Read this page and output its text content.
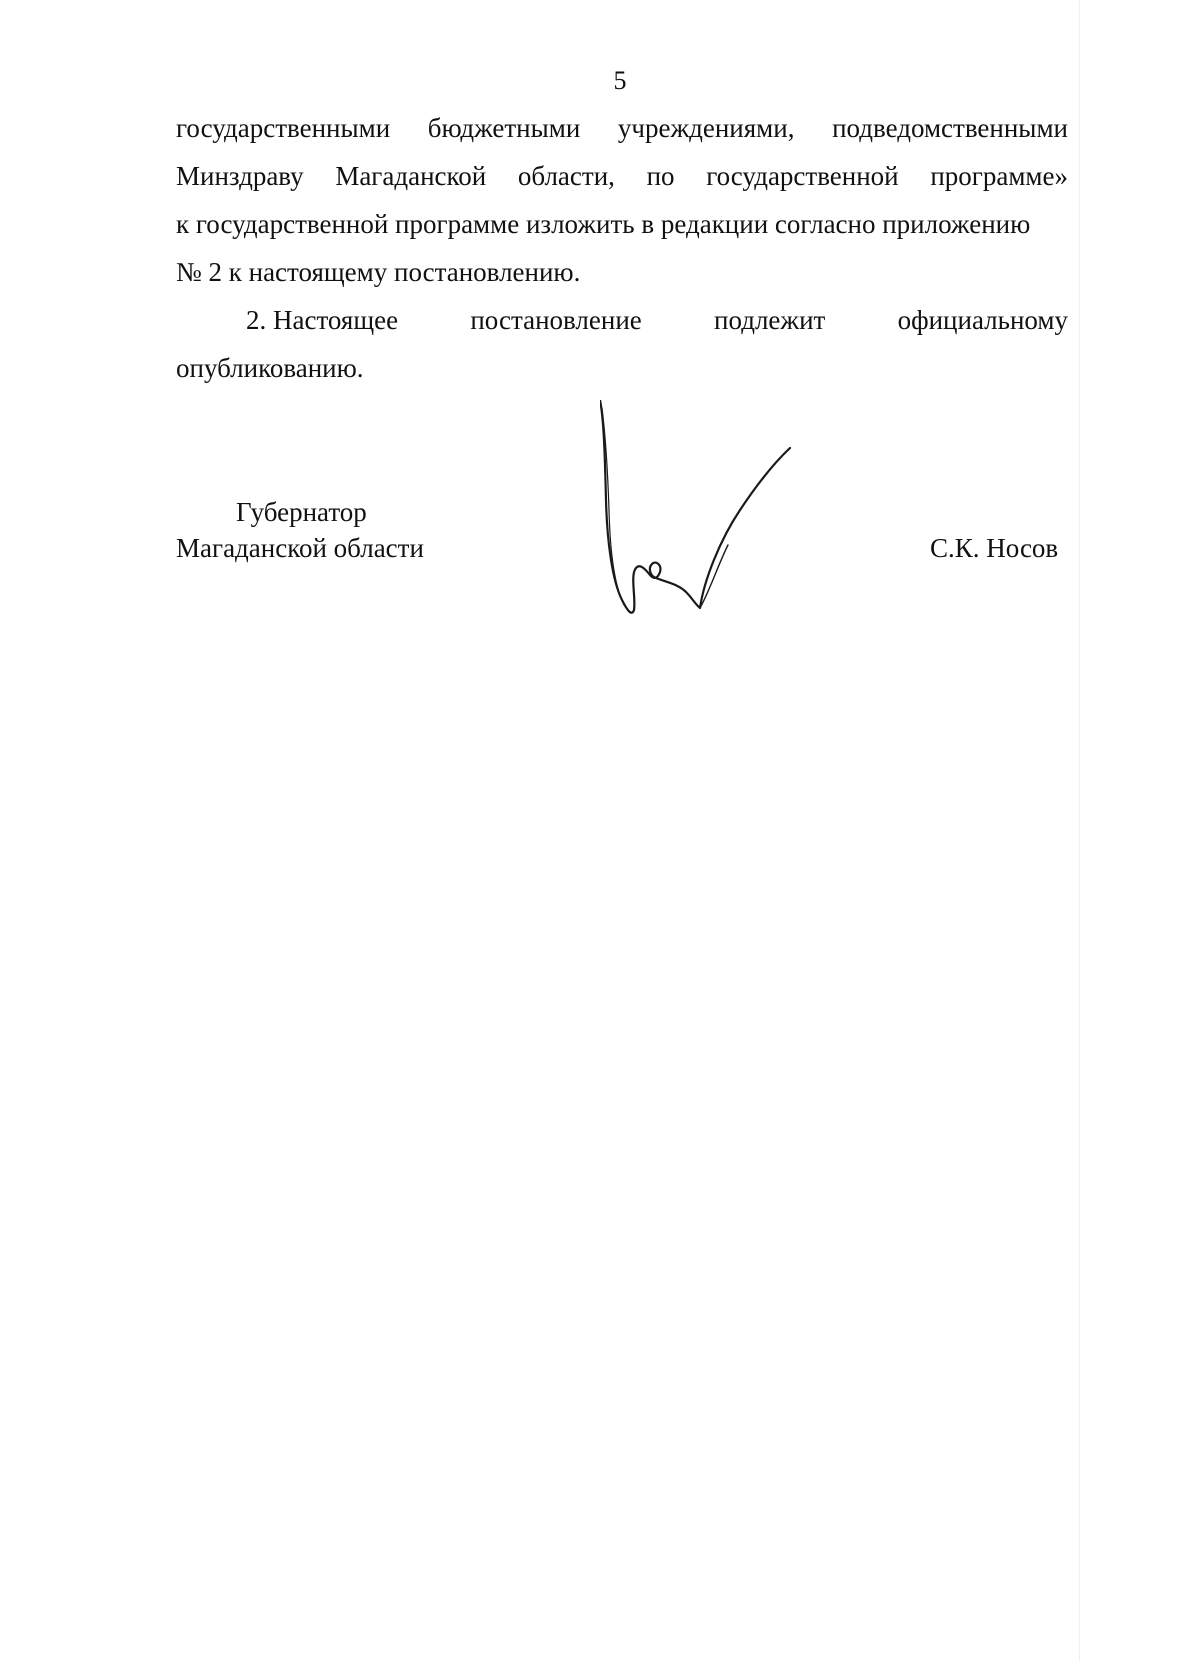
5
государственными бюджетными учреждениями, подведомственными
Минздраву Магаданской области, по государственной программе»
к государственной программе изложить в редакции согласно приложению
№ 2 к настоящему постановлению.
2. Настоящее	постановление	подлежит	официальному
опубликованию.
Губернатор
Магаданской области	С.К. Носов
